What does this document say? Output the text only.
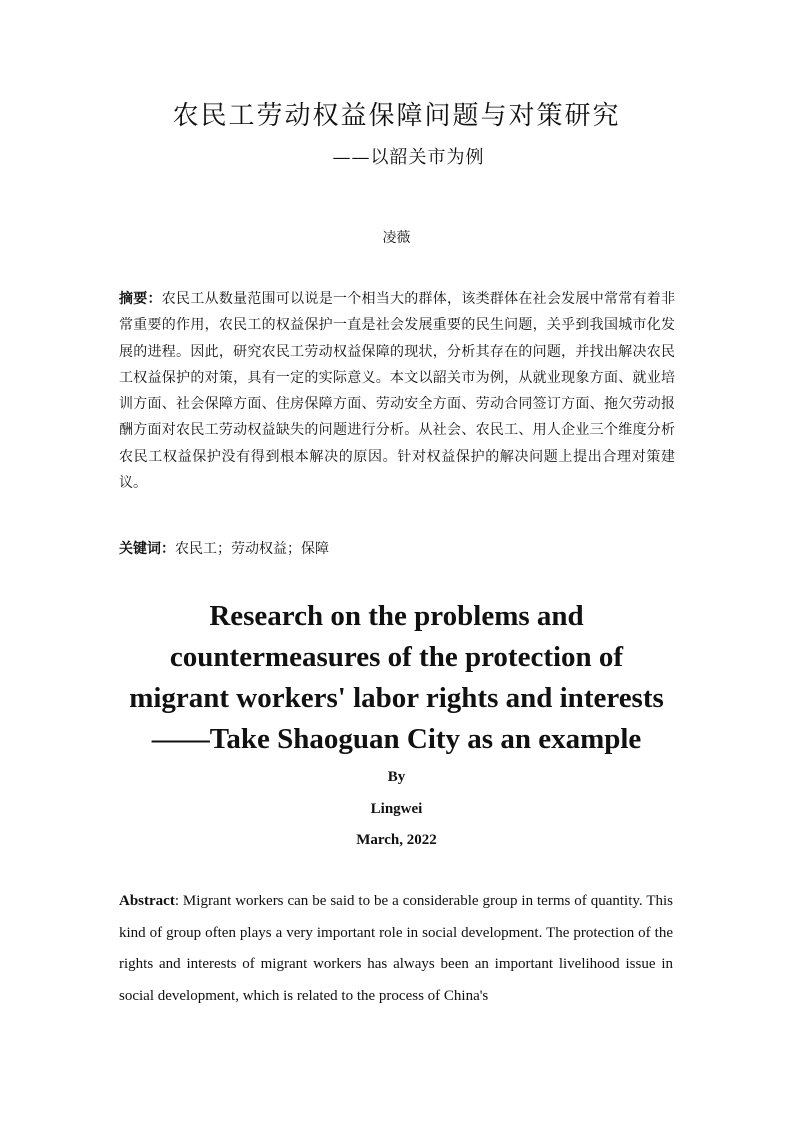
农民工劳动权益保障问题与对策研究
——以韶关市为例
凌薇
摘要：农民工从数量范围可以说是一个相当大的群体，该类群体在社会发展中常常有着非常重要的作用，农民工的权益保护一直是社会发展重要的民生问题，关乎到我国城市化发展的进程。因此，研究农民工劳动权益保障的现状，分析其存在的问题，并找出解决农民工权益保护的对策，具有一定的实际意义。本文以韶关市为例，从就业现象方面、就业培训方面、社会保障方面、住房保障方面、劳动安全方面、劳动合同签订方面、拖欠劳动报酬方面对农民工劳动权益缺失的问题进行分析。从社会、农民工、用人企业三个维度分析农民工权益保护没有得到根本解决的原因。针对权益保护的解决问题上提出合理对策建议。
关键词：农民工；劳动权益；保障
Research on the problems and
countermeasures of the protection of
migrant workers' labor rights and interests
——Take Shaoguan City as an example
By
Lingwei
March, 2022
Abstract: Migrant workers can be said to be a considerable group in terms of quantity. This kind of group often plays a very important role in social development. The protection of the rights and interests of migrant workers has always been an important livelihood issue in social development, which is related to the process of China's
